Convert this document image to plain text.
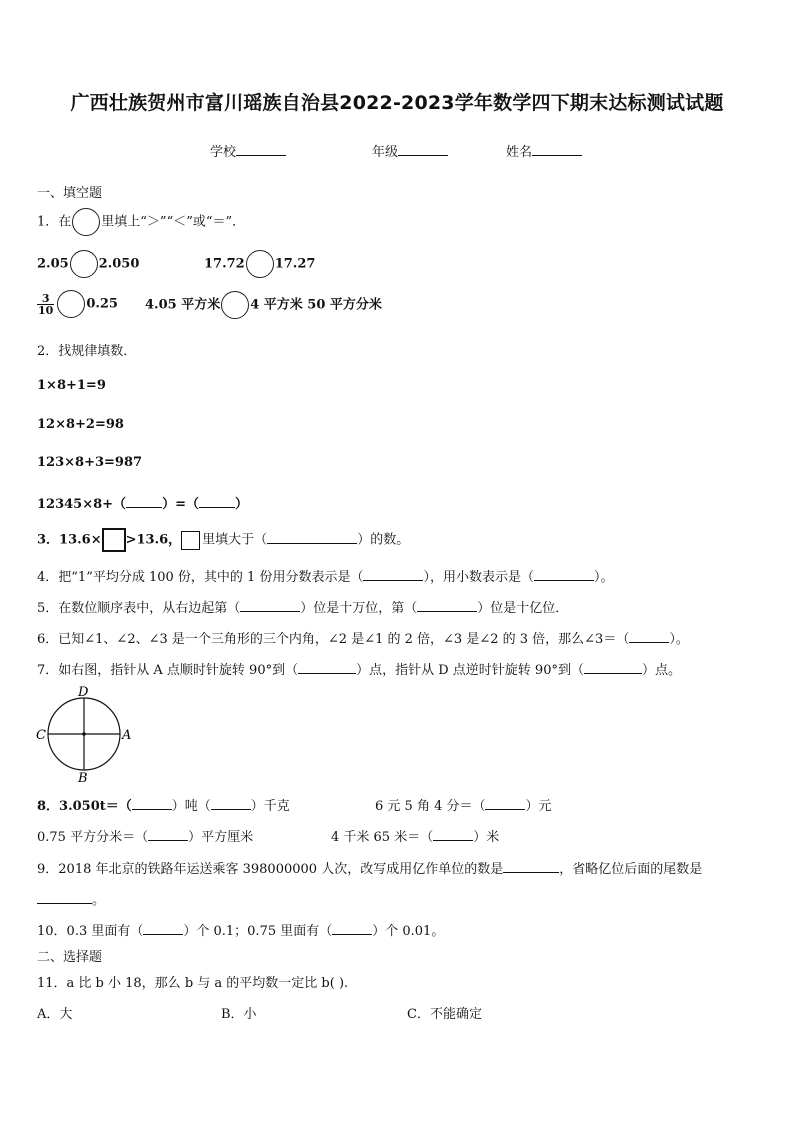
广西壮族贺州市富川瑶族自治县2022-2023学年数学四下期末达标测试试题
学校	年级	姓名
一、填空题
1．在 里填上“＞”“＜”或“＝”．
2.05 2.050	17.72 17.27
$\frac{3}{10} 0.25$ 4.05 平方米 4 平方米 50 平方分米
2．找规律填数．
1×8+1=9
12×8+2=98
123×8+3=987
12345×8+（	）=（	）
3．13.6× >13.6， 里填大于（	）的数。
4．把“1”平均分成 100 份，其中的 1 份用分数表示是（	），用小数表示是（	）。
5．在数位顺序表中，从右边起第（	）位是十万位，第（	）位是十亿位．
6．已知∠1、∠2、∠3 是一个三角形的三个内角，∠2 是∠1 的 2 倍，∠3 是∠2 的 3 倍，那么∠3＝（	）。
7．如右图，指针从 A 点顺时针旋转 90°到（	）点，指针从 D 点逆时针旋转 90°到（	）点。
D
C	A
B
8．3.050t＝（	）吨（	）千克	6 元 5 角 4 分＝（	）元
0.75 平方分米＝（	）平方厘米	4 千米 65 米＝（	）米
9．2018 年北京的铁路年运送乘客 398000000 人次，改写成用亿作单位的数是	，省略亿位后面的尾数是
。
10．0.3 里面有（	）个 0.1；0.75 里面有（	）个 0.01。
二、选择题
11．a 比 b 小 18，那么 b 与 a 的平均数一定比 b( ).
A．大	B．小	C．不能确定
